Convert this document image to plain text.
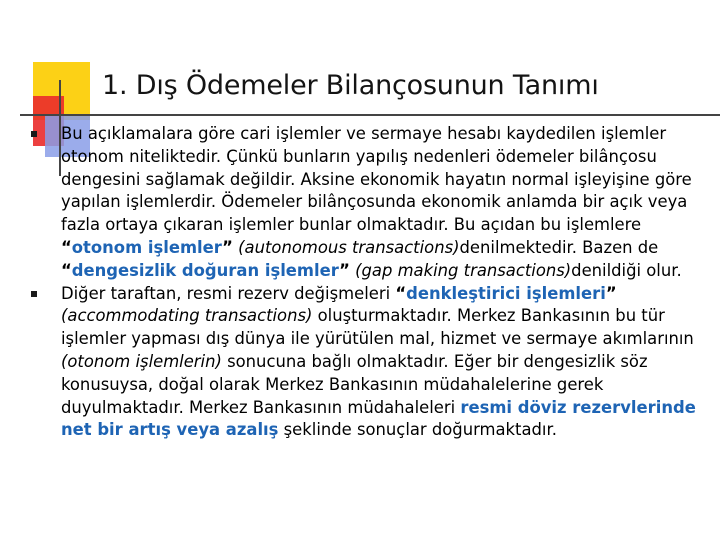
1. Dış Ödemeler Bilançosunun Tanımı

Bu açıklamalara göre cari işlemler ve sermaye hesabı kaydedilen işlemler otonom niteliktedir. Çünkü bunların yapılış nedenleri ödemeler bilânçosu dengesini sağlamak değildir. Aksine ekonomik hayatın normal işleyişine göre yapılan işlemlerdir. Ödemeler bilânçosunda ekonomik anlamda bir açık veya fazla ortaya çıkaran işlemler bunlar olmaktadır. Bu açıdan bu işlemlere “otonom işlemler” (autonomous transactions)denilmektedir. Bazen de “dengesizlik doğuran işlemler” (gap making transactions)denildiği olur.

Diğer taraftan, resmi rezerv değişmeleri “denkleştirici işlemleri” (accommodating transactions) oluşturmaktadır. Merkez Bankasının bu tür işlemler yapması dış dünya ile yürütülen mal, hizmet ve sermaye akımlarının (otonom işlemlerin) sonucuna bağlı olmaktadır. Eğer bir dengesizlik söz konusuysa, doğal olarak Merkez Bankasının müdahalelerine gerek duyulmaktadır. Merkez Bankasının müdahaleleri resmi döviz rezervlerinde net bir artış veya azalış şeklinde sonuçlar doğurmaktadır.
